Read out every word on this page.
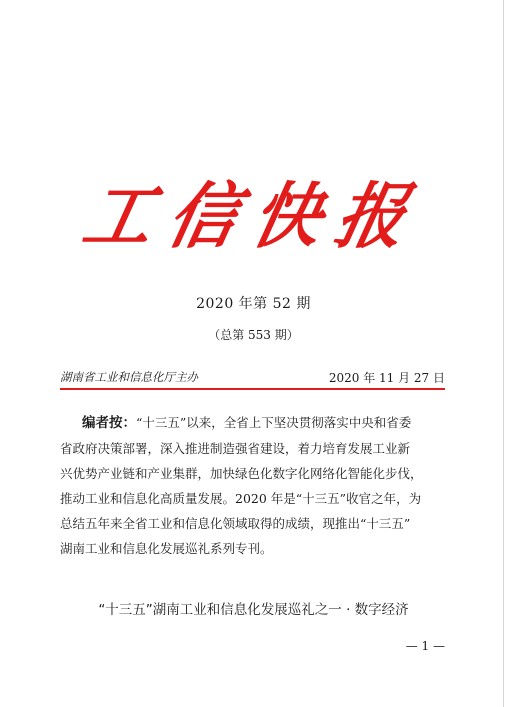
工信快报
2020 年第 52 期
（总第 553 期）
湖南省工业和信息化厅主办	2020 年 11 月 27 日
编者按：“十三五”以来，全省上下坚决贯彻落实中央和省委
省政府决策部署，深入推进制造强省建设，着力培育发展工业新
兴优势产业链和产业集群，加快绿色化数字化网络化智能化步伐，
推动工业和信息化高质量发展。2020 年是“十三五”收官之年，为
总结五年来全省工业和信息化领域取得的成绩，现推出“十三五”
湖南工业和信息化发展巡礼系列专刊。
“十三五”湖南工业和信息化发展巡礼之一 · 数字经济
— 1 —
